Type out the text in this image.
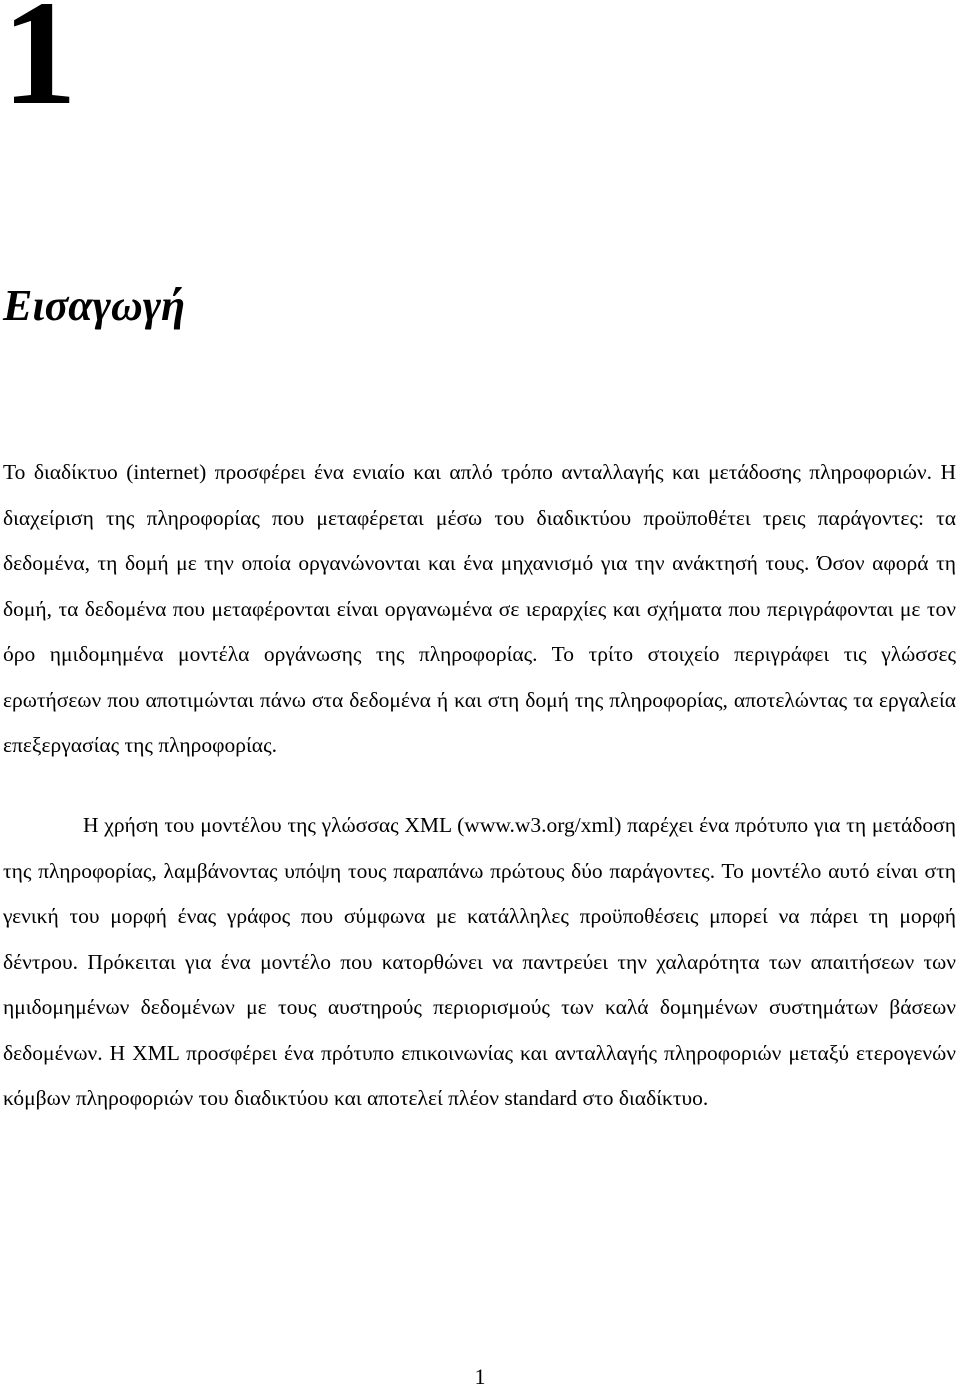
1
Εισαγωγή

Το διαδίκτυο (internet) προσφέρει ένα ενιαίο και απλό τρόπο ανταλλαγής και μετάδοσης πληροφοριών. Η διαχείριση της πληροφορίας που μεταφέρεται μέσω του διαδικτύου προϋποθέτει τρεις παράγοντες: τα δεδομένα, τη δομή με την οποία οργανώνονται και ένα μηχανισμό για την ανάκτησή τους. Όσον αφορά τη δομή, τα δεδομένα που μεταφέρονται είναι οργανωμένα σε ιεραρχίες και σχήματα που περιγράφονται με τον όρο ημιδομημένα μοντέλα οργάνωσης της πληροφορίας. Το τρίτο στοιχείο περιγράφει τις γλώσσες ερωτήσεων που αποτιμώνται πάνω στα δεδομένα ή και στη δομή της πληροφορίας, αποτελώντας τα εργαλεία επεξεργασίας της πληροφορίας.

Η χρήση του μοντέλου της γλώσσας XML (www.w3.org/xml) παρέχει ένα πρότυπο για τη μετάδοση της πληροφορίας, λαμβάνοντας υπόψη τους παραπάνω πρώτους δύο παράγοντες. Το μοντέλο αυτό είναι στη γενική του μορφή ένας γράφος που σύμφωνα με κατάλληλες προϋποθέσεις μπορεί να πάρει τη μορφή δέντρου. Πρόκειται για ένα μοντέλο που κατορθώνει να παντρεύει την χαλαρότητα των απαιτήσεων των ημιδομημένων δεδομένων με τους αυστηρούς περιορισμούς των καλά δομημένων συστημάτων βάσεων δεδομένων. Η XML προσφέρει ένα πρότυπο επικοινωνίας και ανταλλαγής πληροφοριών μεταξύ ετερογενών κόμβων πληροφοριών του διαδικτύου και αποτελεί πλέον standard στο διαδίκτυο.

1
